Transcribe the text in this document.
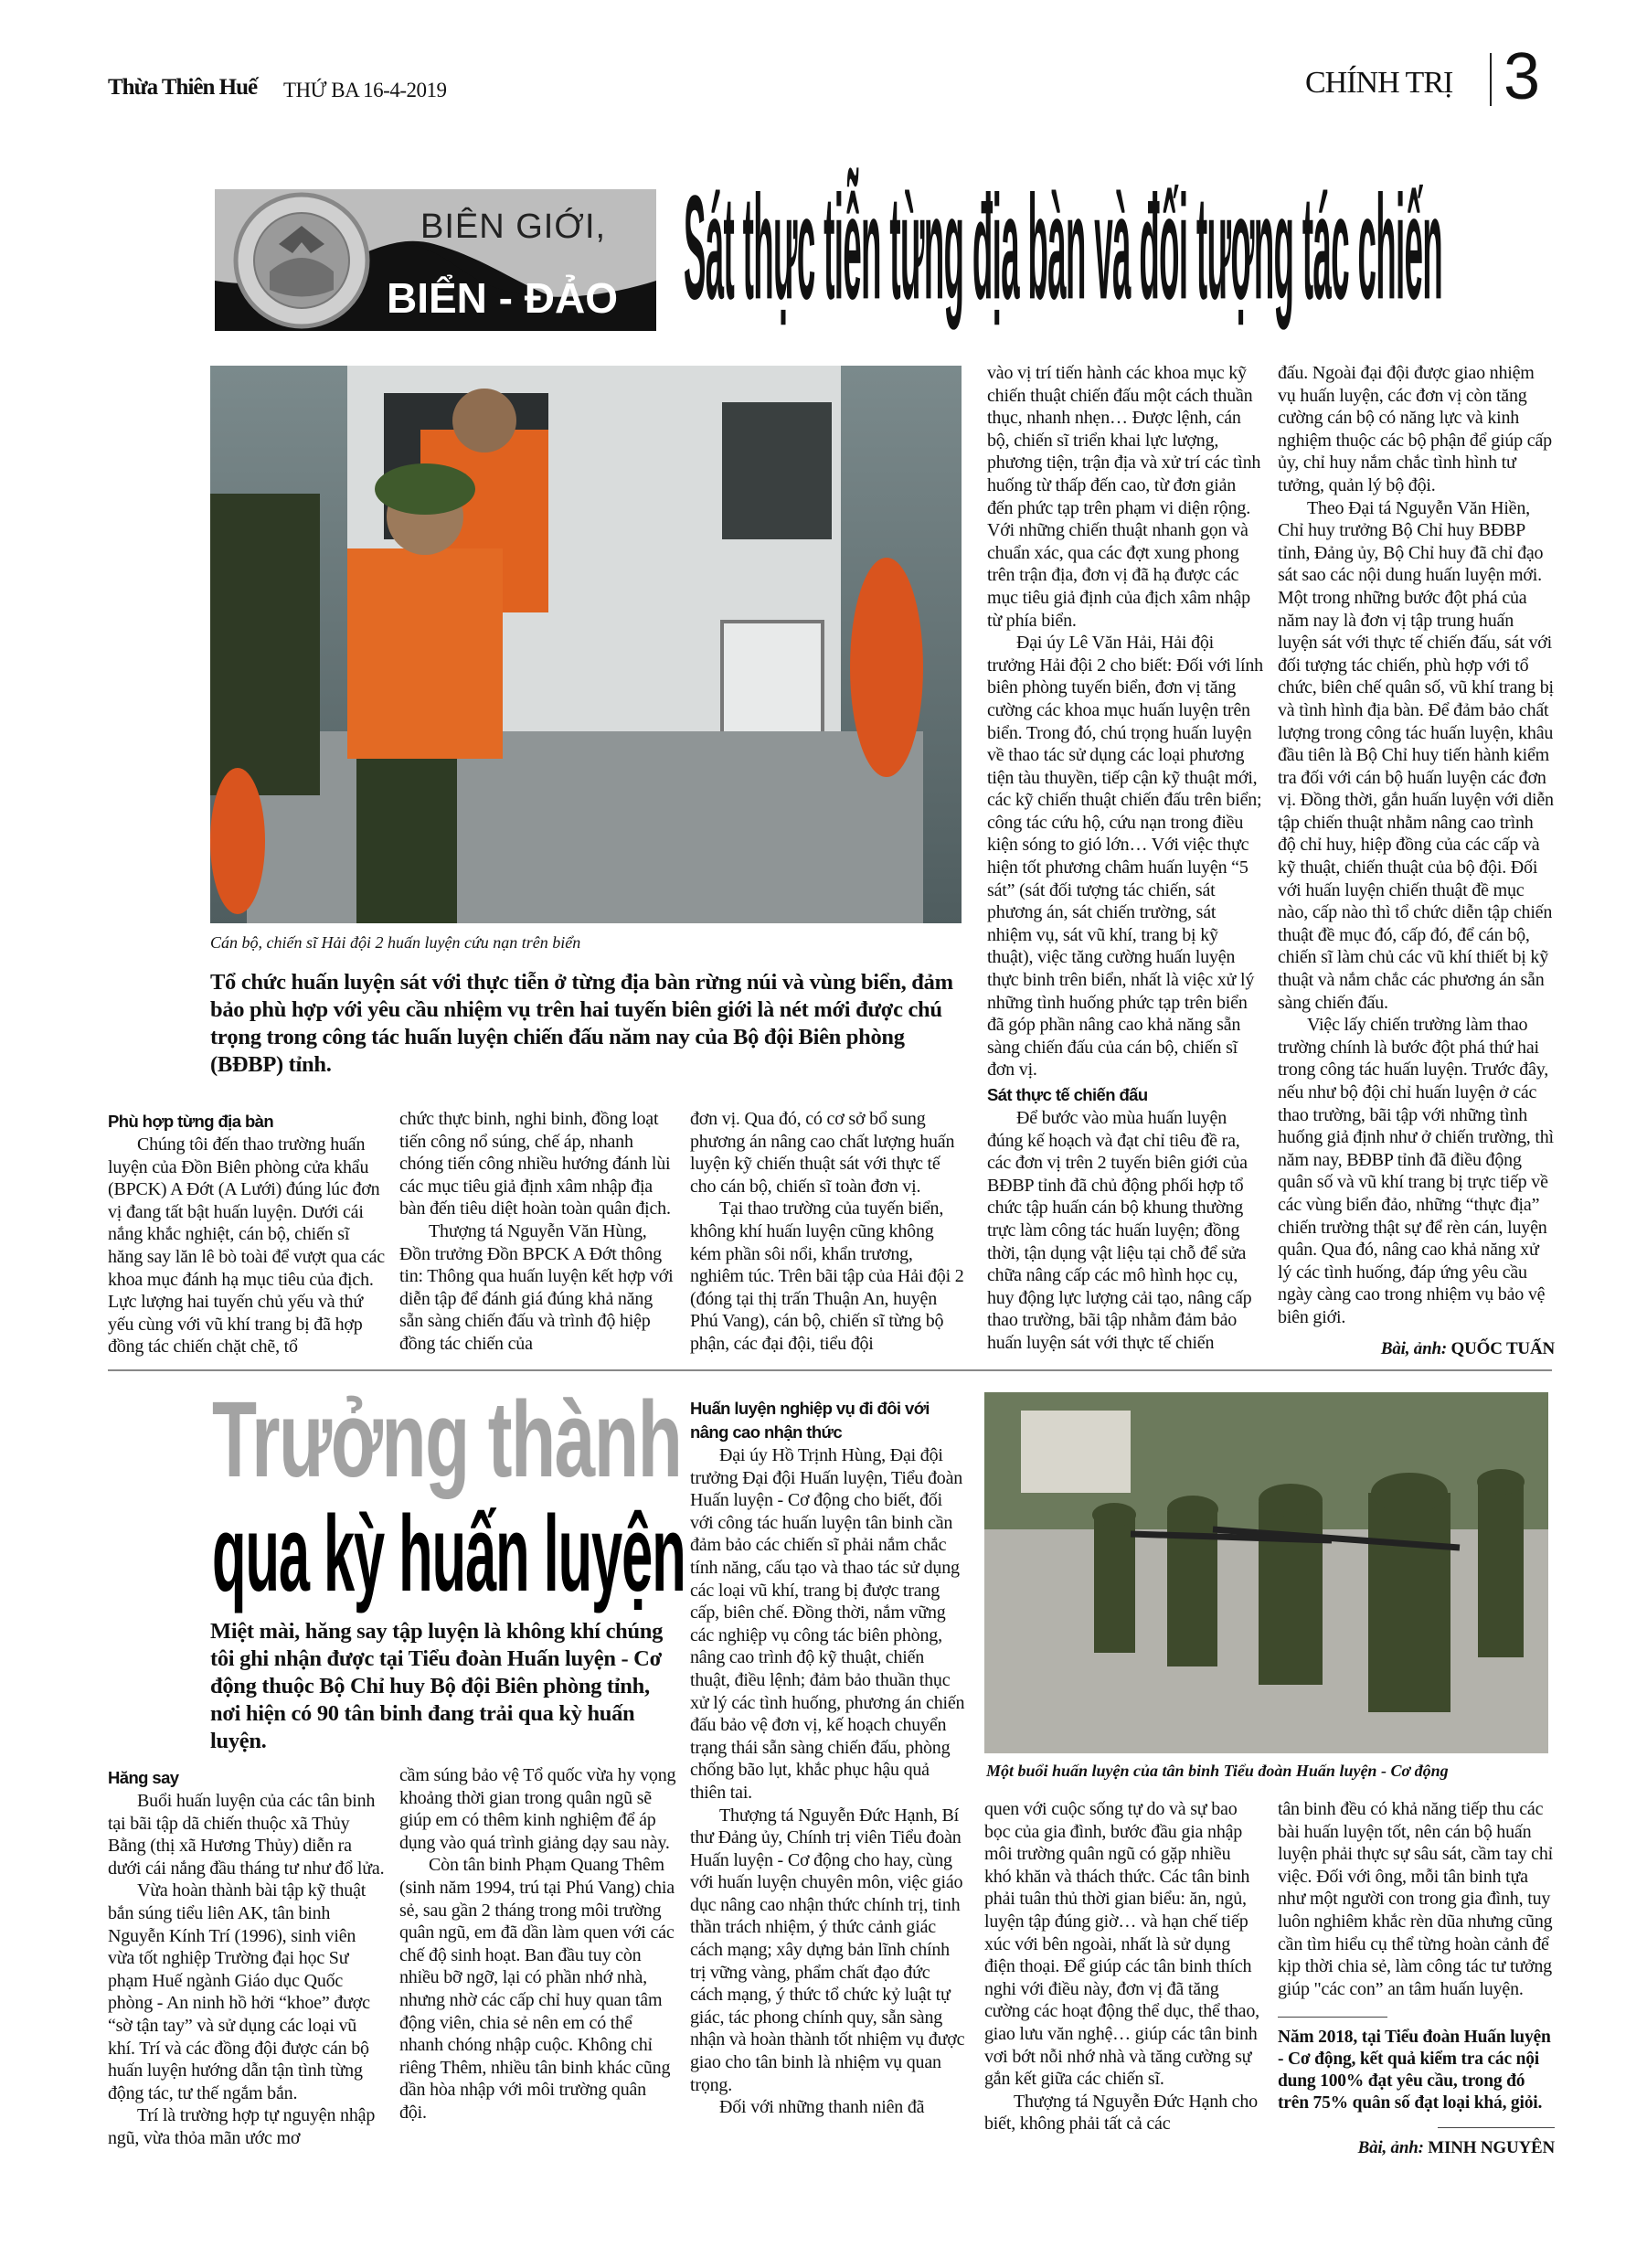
Thừa Thiên Huế THỨ BA 16-4-2019	CHÍNH TRỊ 3
BIÊN GIỚI,
BIỂN - ĐẢO Sát thực tiễn từng địa bàn và đối tượng tác chiến
Cán bộ, chiến sĩ Hải đội 2 huấn luyện cứu nạn trên biển
Tổ chức huấn luyện sát với thực tiễn ở từng địa bàn rừng núi và vùng biển, đảm bảo phù hợp với yêu cầu nhiệm vụ trên hai tuyến biên giới là nét mới được chú trọng trong công tác huấn luyện chiến đấu năm nay của Bộ đội Biên phòng (BĐBP) tỉnh.
Phù hợp từng địa bàn

Chúng tôi đến thao trường huấn luyện của Đồn Biên phòng cửa khẩu (BPCK) A Đớt (A Lưới) đúng lúc đơn vị đang tất bật huấn luyện. Dưới cái nắng khắc nghiệt, cán bộ, chiến sĩ hăng say lăn lê bò toài để vượt qua các khoa mục đánh hạ mục tiêu của địch. Lực lượng hai tuyến chủ yếu và thứ yếu cùng với vũ khí trang bị đã hợp đồng tác chiến chặt chẽ, tổ

chức thực binh, nghi binh, đồng loạt tiến công nổ súng, chế áp, nhanh chóng tiến công nhiều hướng đánh lùi các mục tiêu giả định xâm nhập địa bàn đến tiêu diệt hoàn toàn quân địch.

Thượng tá Nguyễn Văn Hùng, Đồn trưởng Đồn BPCK A Đớt thông tin: Thông qua huấn luyện kết hợp với diễn tập để đánh giá đúng khả năng sẵn sàng chiến đấu và trình độ hiệp đồng tác chiến của

đơn vị. Qua đó, có cơ sở bổ sung phương án nâng cao chất lượng huấn luyện kỹ chiến thuật sát với thực tế cho cán bộ, chiến sĩ toàn đơn vị.

Tại thao trường của tuyến biển, không khí huấn luyện cũng không kém phần sôi nổi, khẩn trương, nghiêm túc. Trên bãi tập của Hải đội 2 (đóng tại thị trấn Thuận An, huyện Phú Vang), cán bộ, chiến sĩ từng bộ phận, các đại đội, tiểu đội

vào vị trí tiến hành các khoa mục kỹ chiến thuật chiến đấu một cách thuần thục, nhanh nhẹn… Được lệnh, cán bộ, chiến sĩ triển khai lực lượng, phương tiện, trận địa và xử trí các tình huống từ thấp đến cao, từ đơn giản đến phức tạp trên phạm vi diện rộng. Với những chiến thuật nhanh gọn và chuẩn xác, qua các đợt xung phong trên trận địa, đơn vị đã hạ được các mục tiêu giả định của địch xâm nhập từ phía biển.

Đại úy Lê Văn Hải, Hải đội trưởng Hải đội 2 cho biết: Đối với lính biên phòng tuyến biển, đơn vị tăng cường các khoa mục huấn luyện trên biển. Trong đó, chú trọng huấn luyện về thao tác sử dụng các loại phương tiện tàu thuyền, tiếp cận kỹ thuật mới, các kỹ chiến thuật chiến đấu trên biển; công tác cứu hộ, cứu nạn trong điều kiện sóng to gió lớn… Với việc thực hiện tốt phương châm huấn luyện “5 sát” (sát đối tượng tác chiến, sát phương án, sát chiến trường, sát nhiệm vụ, sát vũ khí, trang bị kỹ thuật), việc tăng cường huấn luyện thực binh trên biển, nhất là việc xử lý những tình huống phức tạp trên biển đã góp phần nâng cao khả năng sẵn sàng chiến đấu của cán bộ, chiến sĩ đơn vị.

Sát thực tế chiến đấu

Để bước vào mùa huấn luyện đúng kế hoạch và đạt chỉ tiêu đề ra, các đơn vị trên 2 tuyến biên giới của BĐBP tỉnh đã chủ động phối hợp tổ chức tập huấn cán bộ khung thường trực làm công tác huấn luyện; đồng thời, tận dụng vật liệu tại chỗ để sửa chữa nâng cấp các mô hình học cụ, huy động lực lượng cải tạo, nâng cấp thao trường, bãi tập nhằm đảm bảo huấn luyện sát với thực tế chiến

đấu. Ngoài đại đội được giao nhiệm vụ huấn luyện, các đơn vị còn tăng cường cán bộ có năng lực và kinh nghiệm thuộc các bộ phận để giúp cấp ủy, chỉ huy nắm chắc tình hình tư tưởng, quản lý bộ đội.

Theo Đại tá Nguyễn Văn Hiền, Chỉ huy trưởng Bộ Chỉ huy BĐBP tỉnh, Đảng ủy, Bộ Chỉ huy đã chỉ đạo sát sao các nội dung huấn luyện mới. Một trong những bước đột phá của năm nay là đơn vị tập trung huấn luyện sát với thực tế chiến đấu, sát với đối tượng tác chiến, phù hợp với tổ chức, biên chế quân số, vũ khí trang bị và tình hình địa bàn. Để đảm bảo chất lượng trong công tác huấn luyện, khâu đầu tiên là Bộ Chỉ huy tiến hành kiểm tra đối với cán bộ huấn luyện các đơn vị. Đồng thời, gắn huấn luyện với diễn tập chiến thuật nhằm nâng cao trình độ chỉ huy, hiệp đồng của các cấp và kỹ thuật, chiến thuật của bộ đội. Đối với huấn luyện chiến thuật đề mục nào, cấp nào thì tổ chức diễn tập chiến thuật đề mục đó, cấp đó, để cán bộ, chiến sĩ làm chủ các vũ khí thiết bị kỹ thuật và nắm chắc các phương án sẵn sàng chiến đấu.

Việc lấy chiến trường làm thao trường chính là bước đột phá thứ hai trong công tác huấn luyện. Trước đây, nếu như bộ đội chỉ huấn luyện ở các thao trường, bãi tập với những tình huống giả định như ở chiến trường, thì năm nay, BĐBP tỉnh đã điều động quân số và vũ khí trang bị trực tiếp về các vùng biển đảo, những “thực địa” chiến trường thật sự để rèn cán, luyện quân. Qua đó, nâng cao khả năng xử lý các tình huống, đáp ứng yêu cầu ngày càng cao trong nhiệm vụ bảo vệ biên giới.

Bài, ảnh: QUỐC TUẤN
Trưởng thành
qua kỳ huấn luyện
Miệt mài, hăng say tập luyện là không khí chúng tôi ghi nhận được tại Tiểu đoàn Huấn luyện - Cơ động thuộc Bộ Chỉ huy Bộ đội Biên phòng tỉnh, nơi hiện có 90 tân binh đang trải qua kỳ huấn luyện.
Hăng say

Buổi huấn luyện của các tân binh tại bãi tập dã chiến thuộc xã Thủy Bằng (thị xã Hương Thủy) diễn ra dưới cái nắng đầu tháng tư như đổ lửa.

Vừa hoàn thành bài tập kỹ thuật bắn súng tiểu liên AK, tân binh Nguyễn Kính Trí (1996), sinh viên vừa tốt nghiệp Trường đại học Sư phạm Huế ngành Giáo dục Quốc phòng - An ninh hồ hởi “khoe” được “sờ tận tay” và sử dụng các loại vũ khí. Trí và các đồng đội được cán bộ huấn luyện hướng dẫn tận tình từng động tác, tư thế ngắm bắn.

Trí là trường hợp tự nguyện nhập ngũ, vừa thỏa mãn ước mơ

cầm súng bảo vệ Tổ quốc vừa hy vọng khoảng thời gian trong quân ngũ sẽ giúp em có thêm kinh nghiệm để áp dụng vào quá trình giảng dạy sau này.

Còn tân binh Phạm Quang Thêm (sinh năm 1994, trú tại Phú Vang) chia sẻ, sau gần 2 tháng trong môi trường quân ngũ, em đã dần làm quen với các chế độ sinh hoạt. Ban đầu tuy còn nhiều bỡ ngỡ, lại có phần nhớ nhà, nhưng nhờ các cấp chỉ huy quan tâm động viên, chia sẻ nên em có thể nhanh chóng nhập cuộc. Không chỉ riêng Thêm, nhiều tân binh khác cũng dần hòa nhập với môi trường quân đội.

Huấn luyện nghiệp vụ đi đôi với nâng cao nhận thức

Đại úy Hồ Trịnh Hùng, Đại đội trưởng Đại đội Huấn luyện, Tiểu đoàn Huấn luyện - Cơ động cho biết, đối với công tác huấn luyện tân binh cần đảm bảo các chiến sĩ phải nắm chắc tính năng, cấu tạo và thao tác sử dụng các loại vũ khí, trang bị được trang cấp, biên chế. Đồng thời, nắm vững các nghiệp vụ công tác biên phòng, nâng cao trình độ kỹ thuật, chiến thuật, điều lệnh; đảm bảo thuần thục xử lý các tình huống, phương án chiến đấu bảo vệ đơn vị, kế hoạch chuyển trạng thái sẵn sàng chiến đấu, phòng chống bão lụt, khắc phục hậu quả thiên tai.

Thượng tá Nguyễn Đức Hạnh, Bí thư Đảng ủy, Chính trị viên Tiểu đoàn Huấn luyện - Cơ động cho hay, cùng với huấn luyện chuyên môn, việc giáo dục nâng cao nhận thức chính trị, tinh thần trách nhiệm, ý thức cảnh giác cách mạng; xây dựng bản lĩnh chính trị vững vàng, phẩm chất đạo đức cách mạng, ý thức tổ chức kỷ luật tự giác, tác phong chính quy, sẵn sàng nhận và hoàn thành tốt nhiệm vụ được giao cho tân binh là nhiệm vụ quan trọng.

Đối với những thanh niên đã

quen với cuộc sống tự do và sự bao bọc của gia đình, bước đầu gia nhập môi trường quân ngũ có gặp nhiều khó khăn và thách thức. Các tân binh phải tuân thủ thời gian biểu: ăn, ngủ, luyện tập đúng giờ… và hạn chế tiếp xúc với bên ngoài, nhất là sử dụng điện thoại. Để giúp các tân binh thích nghi với điều này, đơn vị đã tăng cường các hoạt động thể dục, thể thao, giao lưu văn nghệ… giúp các tân binh vơi bớt nỗi nhớ nhà và tăng cường sự gắn kết giữa các chiến sĩ.

Thượng tá Nguyễn Đức Hạnh cho biết, không phải tất cả các

tân binh đều có khả năng tiếp thu các bài huấn luyện tốt, nên cán bộ huấn luyện phải thực sự sâu sát, cầm tay chỉ việc. Đối với ông, mỗi tân binh tựa như một người con trong gia đình, tuy luôn nghiêm khắc rèn dũa nhưng cũng cần tìm hiểu cụ thể từng hoàn cảnh để kịp thời chia sẻ, làm công tác tư tưởng giúp "các con” an tâm huấn luyện.

Năm 2018, tại Tiểu đoàn Huấn luyện - Cơ động, kết quả kiểm tra các nội dung 100% đạt yêu cầu, trong đó trên 75% quân số đạt loại khá, giỏi.
Bài, ảnh: MINH NGUYÊN
Một buổi huấn luyện của tân binh Tiểu đoàn Huấn luyện - Cơ động
